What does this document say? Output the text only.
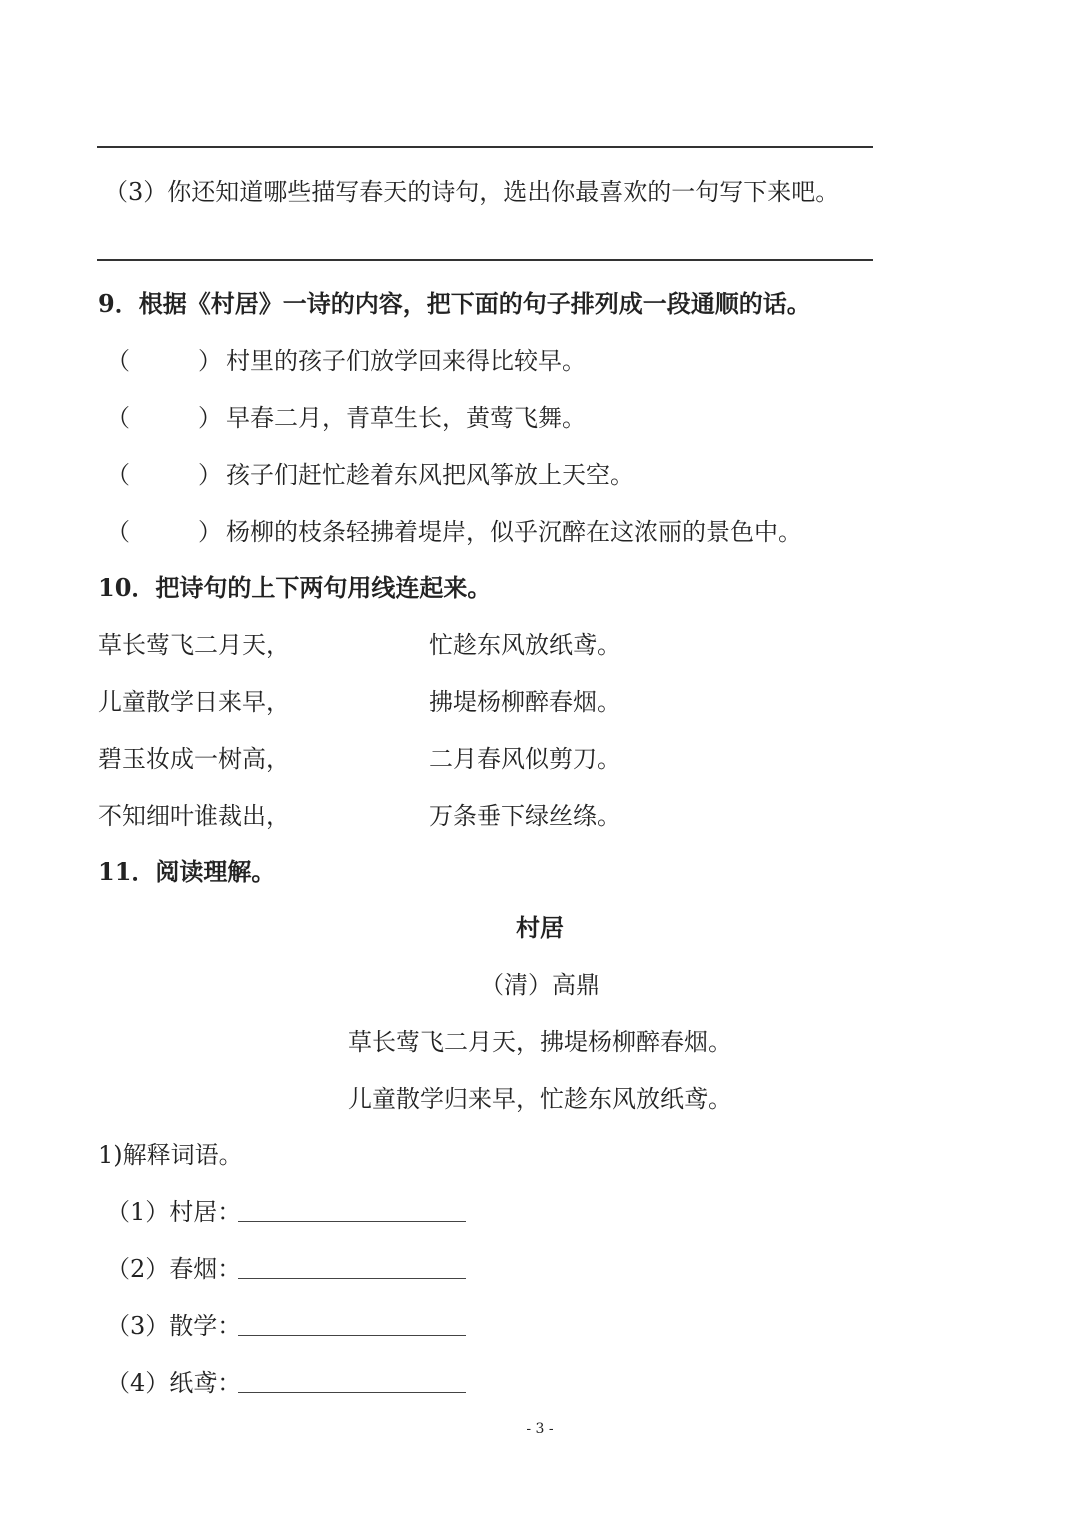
（3）你还知道哪些描写春天的诗句，选出你最喜欢的一句写下来吧。
9．根据《村居》一诗的内容，把下面的句子排列成一段通顺的话。
（	） 村里的孩子们放学回来得比较早。
（	） 早春二月，青草生长，黄莺飞舞。
（	） 孩子们赶忙趁着东风把风筝放上天空。
（	） 杨柳的枝条轻拂着堤岸，似乎沉醉在这浓丽的景色中。
10．把诗句的上下两句用线连起来。
草长莺飞二月天，	忙趁东风放纸鸢。
儿童散学日来早，	拂堤杨柳醉春烟。
碧玉妆成一树高，	二月春风似剪刀。
不知细叶谁裁出，	万条垂下绿丝绦。
11．阅读理解。
村居
（清）高鼎
草长莺飞二月天，拂堤杨柳醉春烟。
儿童散学归来早，忙趁东风放纸鸢。
1)解释词语。
（1）村居：
（2）春烟：
（3）散学：
（4）纸鸢：
- 3 -
